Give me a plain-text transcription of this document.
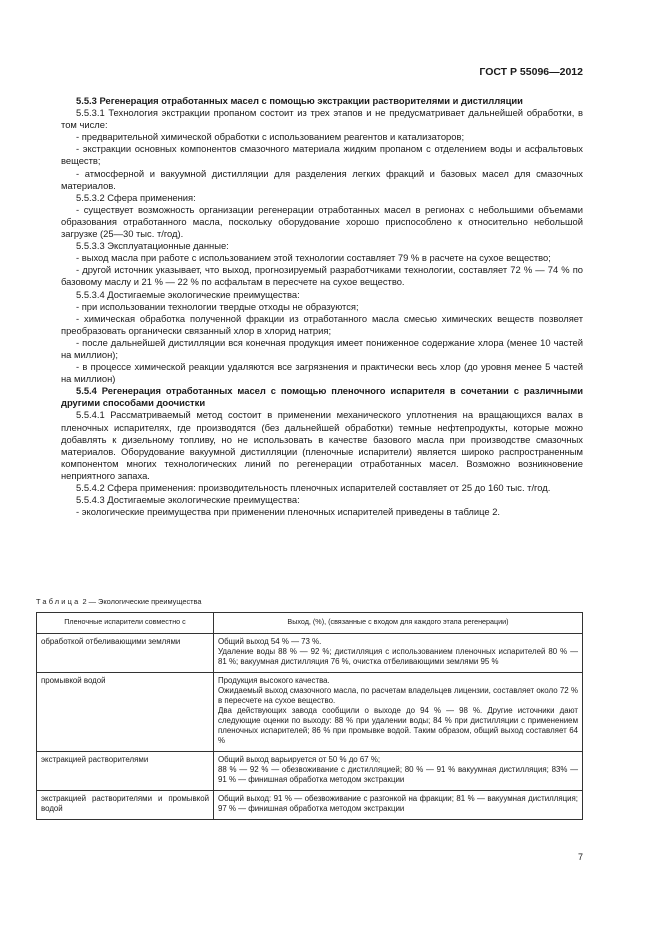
ГОСТ Р 55096—2012

5.5.3 Регенерация отработанных масел с помощью экстракции растворителями и дистилляции

5.5.3.1 Технология экстракции пропаном состоит из трех этапов и не предусматривает дальнейшей обработки, в том числе:

- предварительной химической обработки с использованием реагентов и катализаторов;

- экстракции основных компонентов смазочного материала жидким пропаном с отделением воды и асфальтовых веществ;

- атмосферной и вакуумной дистилляции для разделения легких фракций и базовых масел для смазочных материалов.

5.5.3.2 Сфера применения:

- существует возможность организации регенерации отработанных масел в регионах с небольшими объемами образования отработанного масла, поскольку оборудование хорошо приспособлено к относительно небольшой загрузке (25—30 тыс. т/год).

5.5.3.3 Эксплуатационные данные:

- выход масла при работе с использованием этой технологии составляет 79 % в расчете на сухое вещество;

- другой источник указывает, что выход, прогнозируемый разработчиками технологии, составляет 72 % — 74 % по базовому маслу и 21 % — 22 % по асфальтам в пересчете на сухое вещество.

5.5.3.4 Достигаемые экологические преимущества:

- при использовании технологии твердые отходы не образуются;

- химическая обработка полученной фракции из отработанного масла смесью химических веществ позволяет преобразовать органически связанный хлор в хлорид натрия;

- после дальнейшей дистилляции вся конечная продукция имеет пониженное содержание хлора (менее 10 частей на миллион);

- в процессе химической реакции удаляются все загрязнения и практически весь хлор (до уровня менее 5 частей на миллион)

5.5.4 Регенерация отработанных масел с помощью пленочного испарителя в сочетании с различными другими способами доочистки

5.5.4.1 Рассматриваемый метод состоит в применении механического уплотнения на вращающихся валах в пленочных испарителях, где производятся (без дальнейшей обработки) темные нефтепродукты, которые можно добавлять к дизельному топливу, но не использовать в качестве базового масла при производстве смазочных материалов. Оборудование вакуумной дистилляции (пленочные испарители) является широко распространенным компонентом многих технологических линий по регенерации отработанных масел. Возможно возникновение неприятного запаха.

5.5.4.2 Сфера применения: производительность пленочных испарителей составляет от 25 до 160 тыс. т/год.

5.5.4.3 Достигаемые экологические преимущества:

- экологические преимущества при применении пленочных испарителей приведены в таблице 2.

Таблица 2 — Экологические преимущества
Пленочные испарители совместно с	Выход, (%), (связанные с входом для каждого этапа регенерации)
обработкой отбеливающими землями	Общий выход 54 % — 73 %.
Удаление воды 88 % — 92 %; дистилляция с использованием пленочных испарителей 80 % — 81 %; вакуумная дистилляция 76 %, очистка отбеливающими землями 95 %

промывкой водой	Продукция высокого качества.
Ожидаемый выход смазочного масла, по расчетам владельцев лицензии, составляет около 72 % в пересчете на сухое вещество.
Два действующих завода сообщили о выходе до 94 % — 98 %. Другие источники дают следующие оценки по выходу: 88 % при удалении воды; 84 % при дистилляции с применением пленочных испарителей; 86 % при промывке водой. Таким образом, общий выход составляет 64 %

экстракцией растворителями	Общий выход варьируется от 50 % до 67 %;
88 % — 92 % — обезвоживание с дистилляцией; 80 % — 91 % вакуумная дистилляция; 83% — 91 % — финишная обработка методом экстракции

экстракцией растворителями и промывкой водой	Общий выход: 91 % — обезвоживание с разгонкой на фракции; 81 % — вакуумная дистилляция; 97 % — финишная обработка методом экстракции
7
